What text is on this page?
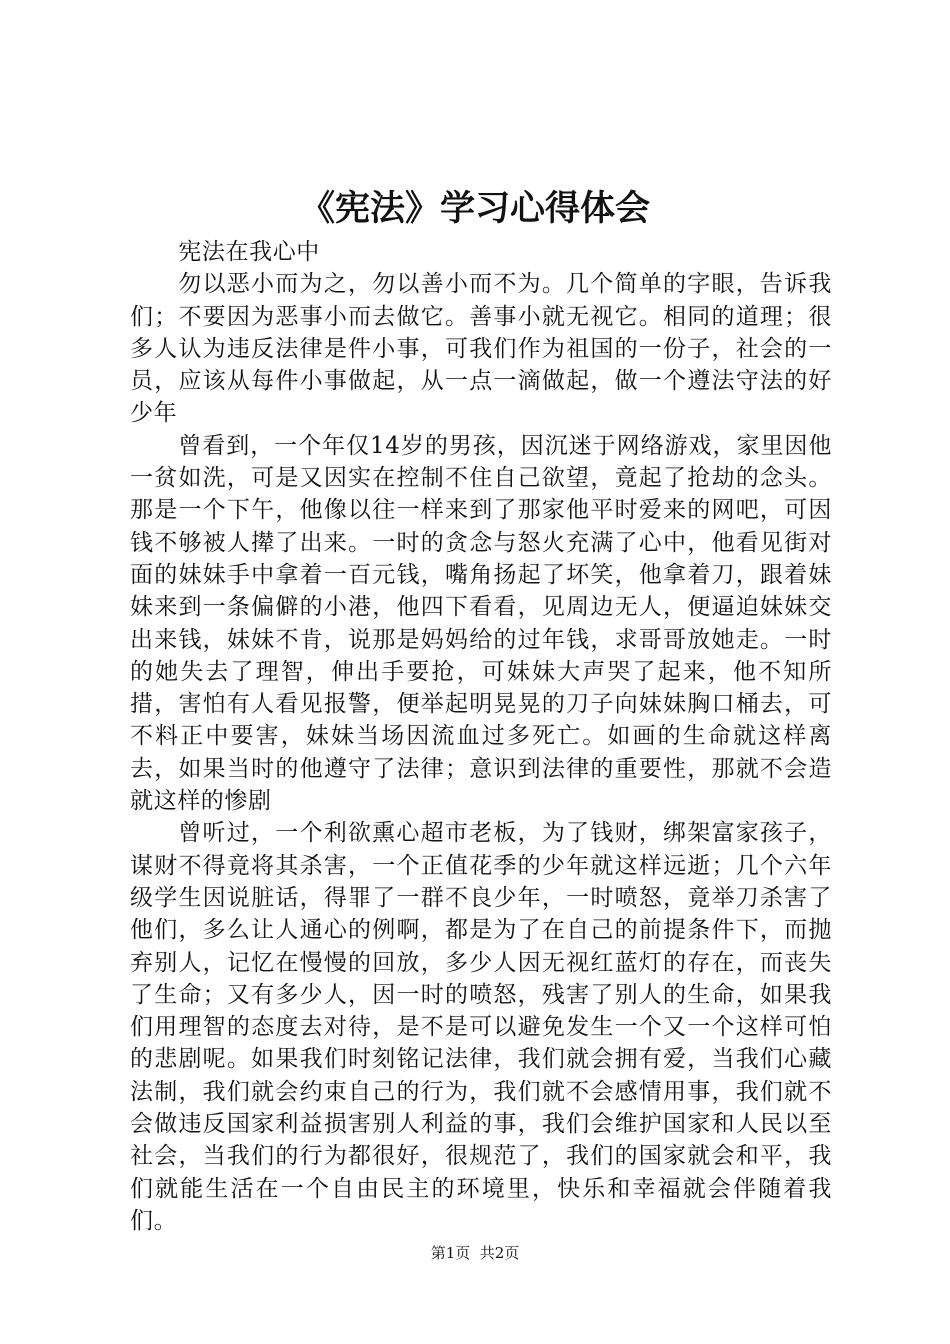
《宪法》学习心得体会

宪法在我心中

勿以恶小而为之，勿以善小而不为。几个简单的字眼，告诉我们；不要因为恶事小而去做它。善事小就无视它。相同的道理；很多人认为违反法律是件小事，可我们作为祖国的一份子，社会的一员，应该从每件小事做起，从一点一滴做起，做一个遵法守法的好少年

曾看到，一个年仅14岁的男孩，因沉迷于网络游戏，家里因他一贫如洗，可是又因实在控制不住自己欲望，竟起了抢劫的念头。那是一个下午，他像以往一样来到了那家他平时爱来的网吧，可因钱不够被人撵了出来。一时的贪念与怒火充满了心中，他看见街对面的妹妹手中拿着一百元钱，嘴角扬起了坏笑，他拿着刀，跟着妹妹来到一条偏僻的小港，他四下看看，见周边无人，便逼迫妹妹交出来钱，妹妹不肯，说那是妈妈给的过年钱，求哥哥放她走。一时的她失去了理智，伸出手要抢，可妹妹大声哭了起来，他不知所措，害怕有人看见报警，便举起明晃晃的刀子向妹妹胸口桶去，可不料正中要害，妹妹当场因流血过多死亡。如画的生命就这样离去，如果当时的他遵守了法律；意识到法律的重要性，那就不会造就这样的惨剧

曾听过，一个利欲熏心超市老板，为了钱财，绑架富家孩子，谋财不得竟将其杀害，一个正值花季的少年就这样远逝；几个六年级学生因说脏话，得罪了一群不良少年，一时喷怒，竟举刀杀害了他们，多么让人通心的例啊，都是为了在自己的前提条件下，而抛弃别人，记忆在慢慢的回放，多少人因无视红蓝灯的存在，而丧失了生命；又有多少人，因一时的喷怒，残害了别人的生命，如果我们用理智的态度去对待，是不是可以避免发生一个又一个这样可怕的悲剧呢。如果我们时刻铭记法律，我们就会拥有爱，当我们心藏法制，我们就会约束自己的行为，我们就不会感情用事，我们就不会做违反国家利益损害别人利益的事，我们会维护国家和人民以至社会，当我们的行为都很好，很规范了，我们的国家就会和平，我们就能生活在一个自由民主的环境里，快乐和幸福就会伴随着我们。

第1页  共2页
